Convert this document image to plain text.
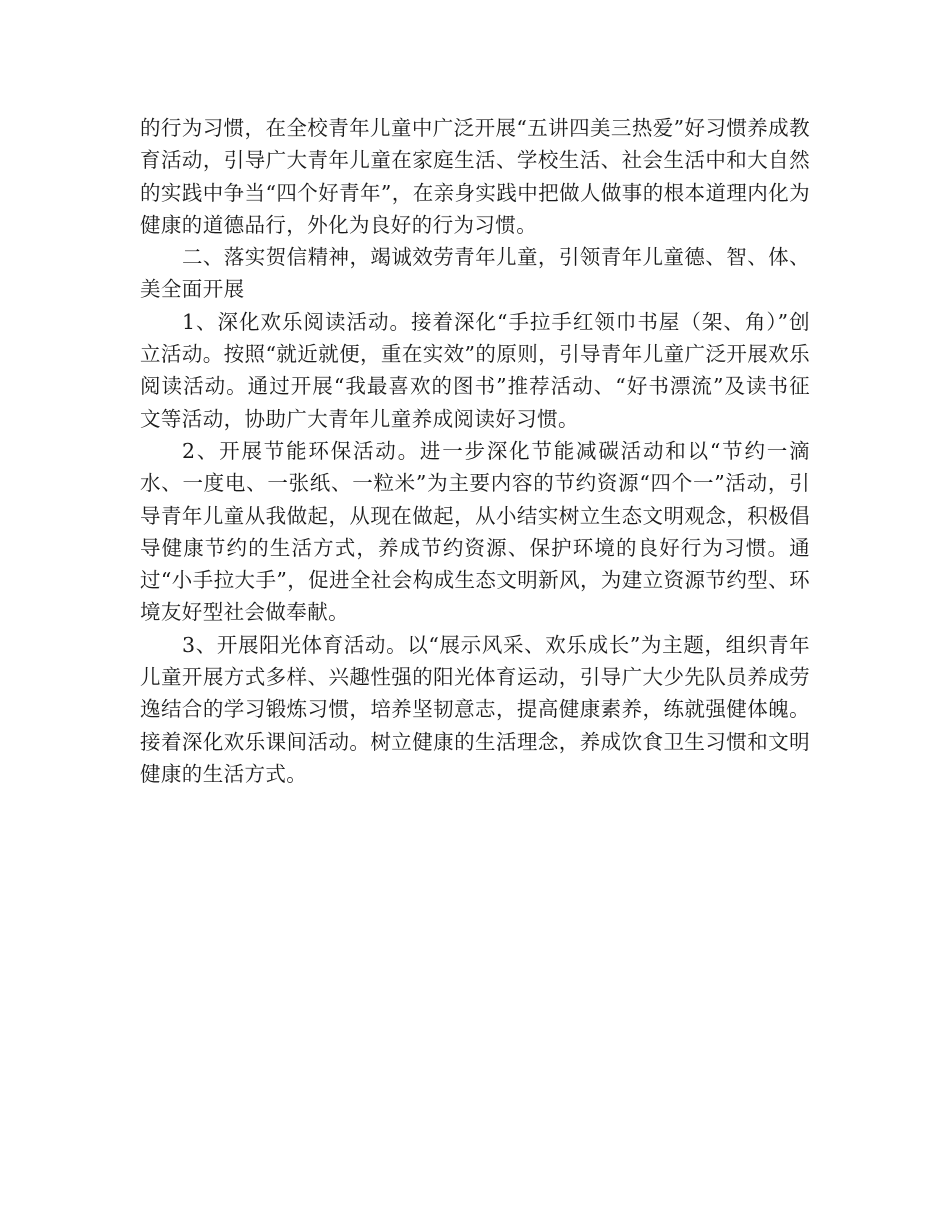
的行为习惯，在全校青年儿童中广泛开展“五讲四美三热爱”好习惯养成教育活动，引导广大青年儿童在家庭生活、学校生活、社会生活中和大自然的实践中争当“四个好青年”，在亲身实践中把做人做事的根本道理内化为健康的道德品行，外化为良好的行为习惯。

二、落实贺信精神，竭诚效劳青年儿童，引领青年儿童德、智、体、美全面开展

1、深化欢乐阅读活动。接着深化“手拉手红领巾书屋（架、角）”创立活动。按照“就近就便，重在实效”的原则，引导青年儿童广泛开展欢乐阅读活动。通过开展“我最喜欢的图书”推荐活动、“好书漂流”及读书征文等活动，协助广大青年儿童养成阅读好习惯。

2、开展节能环保活动。进一步深化节能减碳活动和以“节约一滴水、一度电、一张纸、一粒米”为主要内容的节约资源“四个一”活动，引导青年儿童从我做起，从现在做起，从小结实树立生态文明观念，积极倡导健康节约的生活方式，养成节约资源、保护环境的良好行为习惯。通过“小手拉大手”，促进全社会构成生态文明新风，为建立资源节约型、环境友好型社会做奉献。

3、开展阳光体育活动。以“展示风采、欢乐成长”为主题，组织青年儿童开展方式多样、兴趣性强的阳光体育运动，引导广大少先队员养成劳逸结合的学习锻炼习惯，培养坚韧意志，提高健康素养，练就强健体魄。接着深化欢乐课间活动。树立健康的生活理念，养成饮食卫生习惯和文明健康的生活方式。
